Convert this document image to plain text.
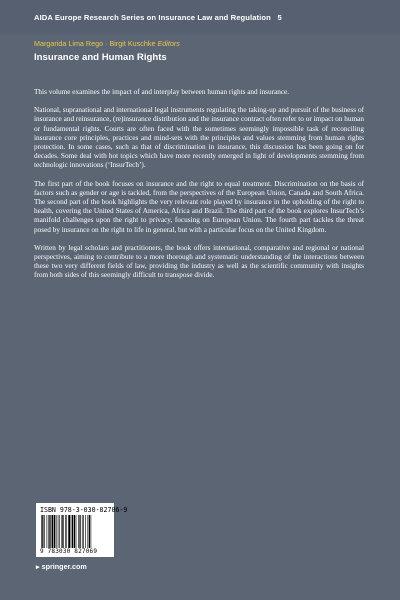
AIDA Europe Research Series on Insurance Law and Regulation 5
Margarida Lima Rego · Birgit Kuschke Editors
Insurance and Human Rights

This volume examines the impact of and interplay between human rights and insurance.

National, supranational and international legal instruments regulating the taking-up and pursuit of the business of insurance and reinsurance, (re)insurance distribution and the insurance contract often refer to or impact on human or fundamental rights. Courts are often faced with the sometimes seemingly impossible task of reconciling insurance core principles, practices and mind-sets with the principles and values stemming from human rights protection. In some cases, such as that of discrimination in insurance, this discussion has been going on for decades. Some deal with hot topics which have more recently emerged in light of developments stemming from technologic innovations (‘InsurTech’).

The first part of the book focuses on insurance and the right to equal treatment. Discrimination on the basis of factors such as gender or age is tackled, from the perspectives of the European Union, Canada and South Africa. The second part of the book highlights the very relevant role played by insurance in the upholding of the right to health, covering the United States of America, Africa and Brazil. The third part of the book explores InsurTech’s manifold challenges upon the right to privacy, focusing on European Union. The fourth part tackles the threat posed by insurance on the right to life in general, but with a particular focus on the United Kingdom.

Written by legal scholars and practitioners, the book offers international, comparative and regional or national perspectives, aiming to contribute to a more thorough and systematic understanding of the interactions between these two very different fields of law, providing the industry as well as the scientific community with insights from both sides of this seemingly difficult to transpose divide.

ISBN 978-3-030-82706-9
9 783030 827069
▸ springer.com
